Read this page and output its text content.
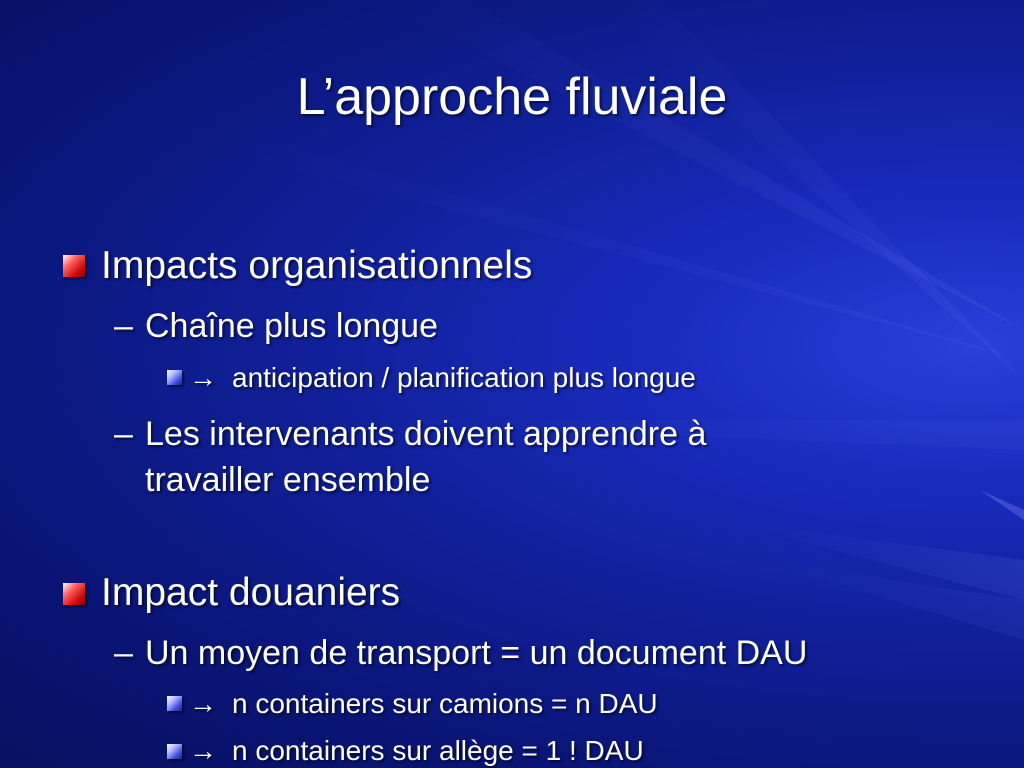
L’approche fluviale
Impacts organisationnels
– Chaîne plus longue
→ anticipation / planification plus longue
– Les intervenants doivent apprendre à
travailler ensemble
Impact douaniers
– Un moyen de transport = un document DAU
→ n containers sur camions = n DAU
→ n containers sur allège = 1 ! DAU
